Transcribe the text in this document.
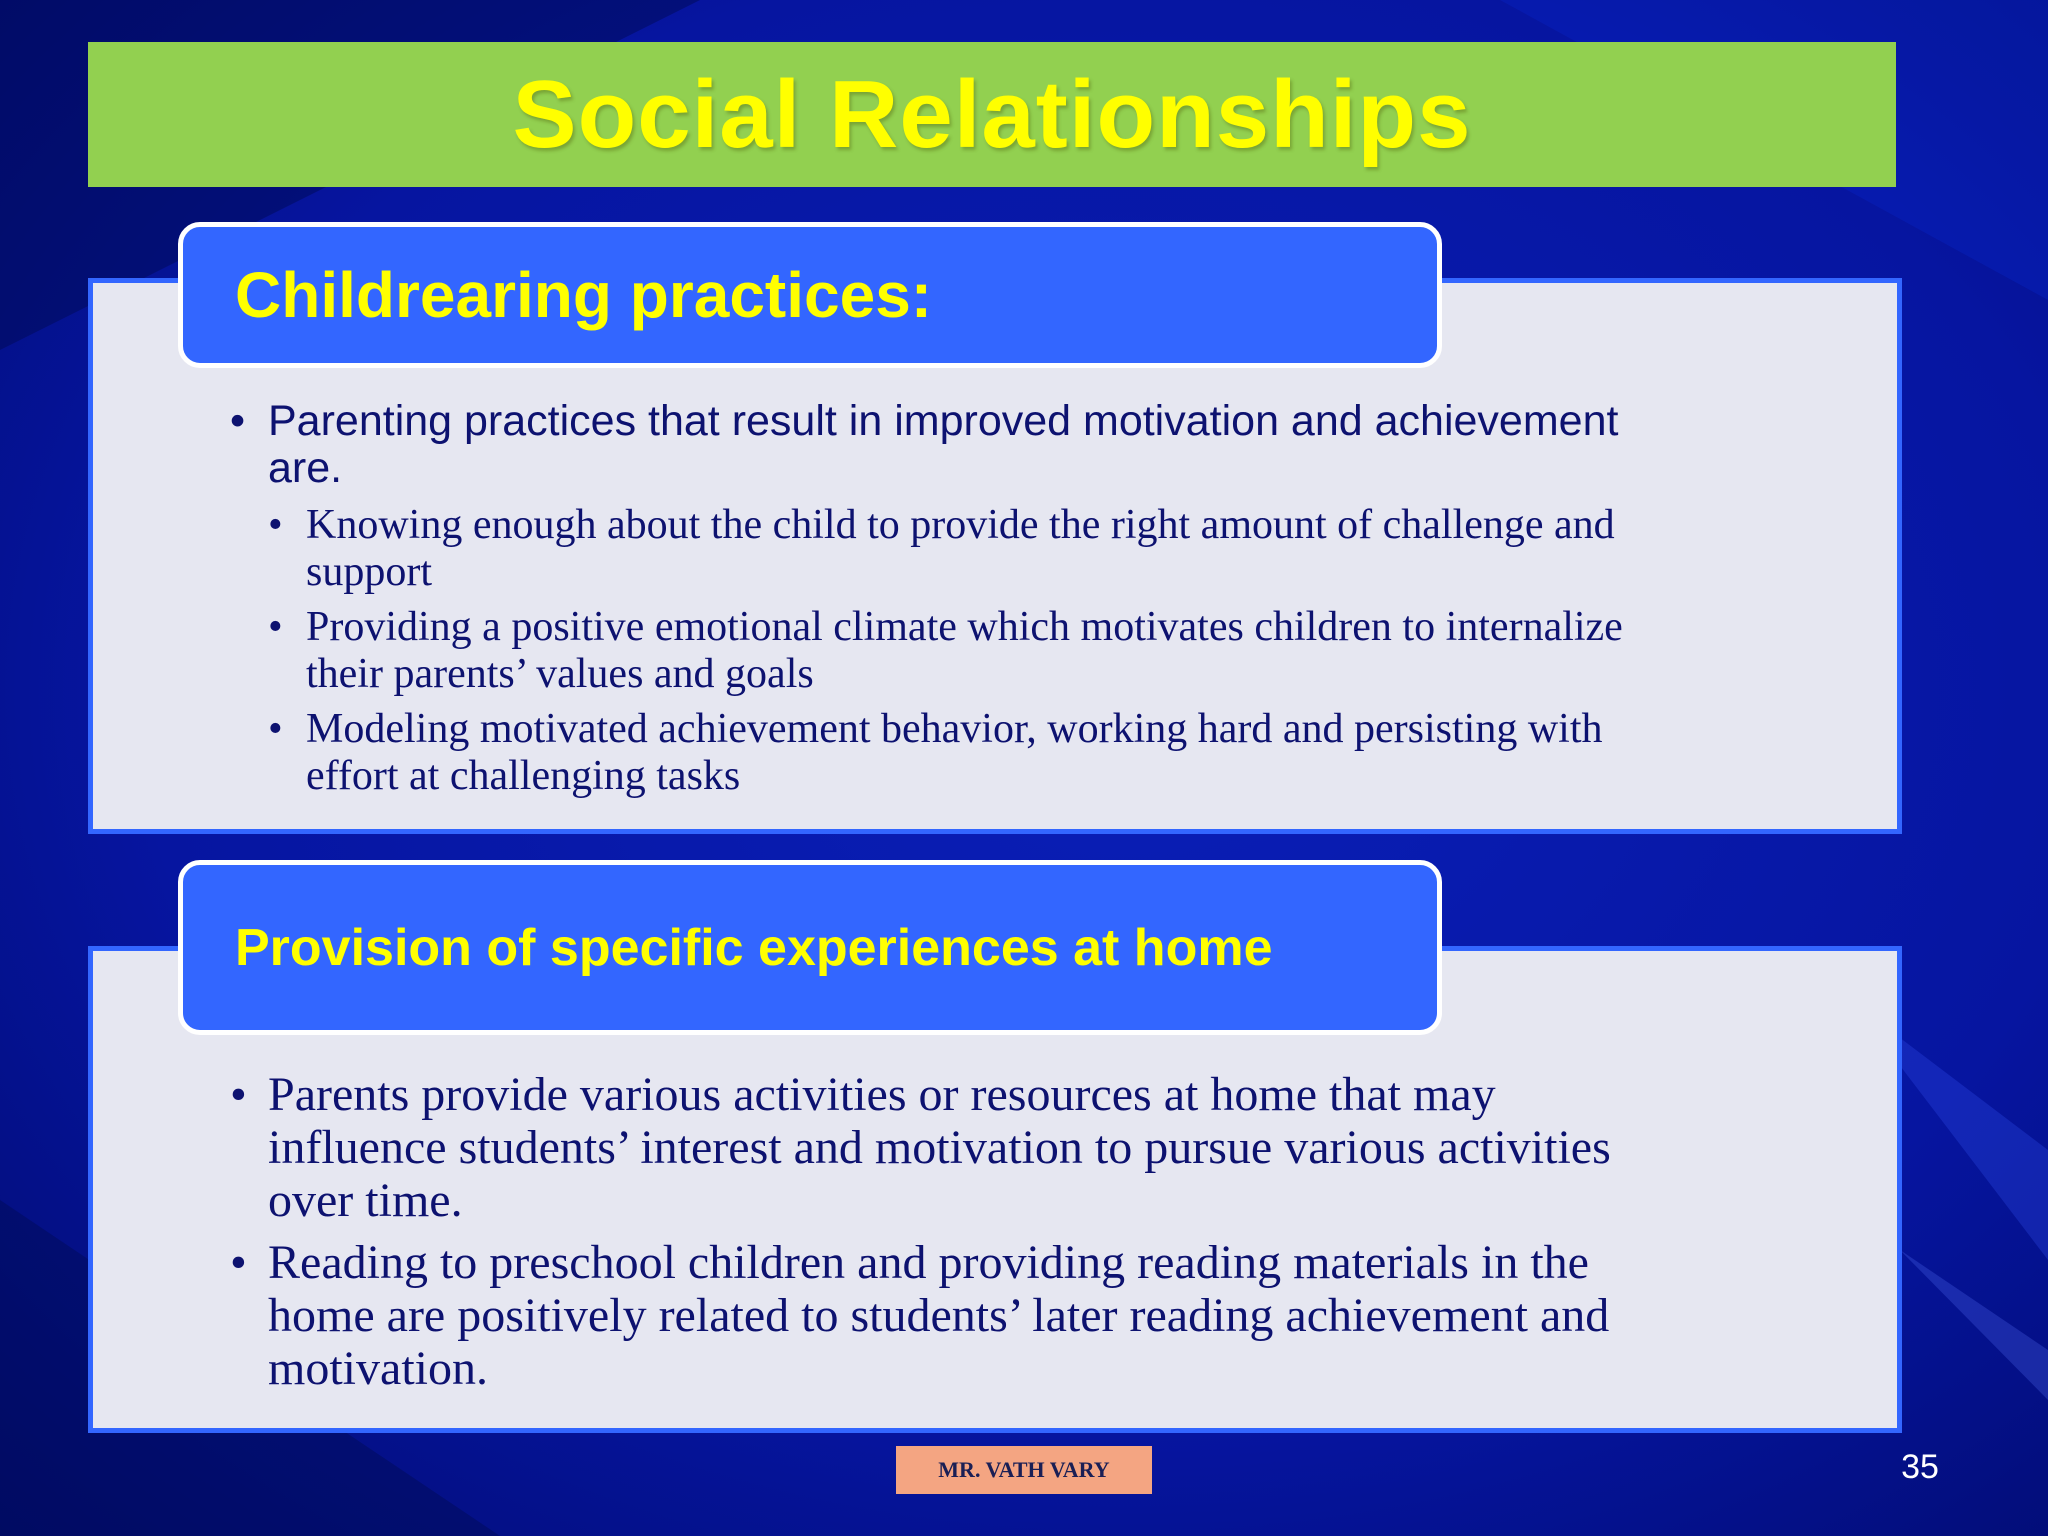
Social Relationships
Childrearing practices:
• Parenting practices that result in improved motivation and achievement
are.
• Knowing enough about the child to provide the right amount of challenge and
support
• Providing a positive emotional climate which motivates children to internalize
their parents’ values and goals
• Modeling motivated achievement behavior, working hard and persisting with
effort at challenging tasks
Provision of specific experiences at home
• Parents provide various activities or resources at home that may
influence students’ interest and motivation to pursue various activities
over time.
• Reading to preschool children and providing reading materials in the
home are positively related to students’ later reading achievement and
motivation.
MR. VATH VARY	35
